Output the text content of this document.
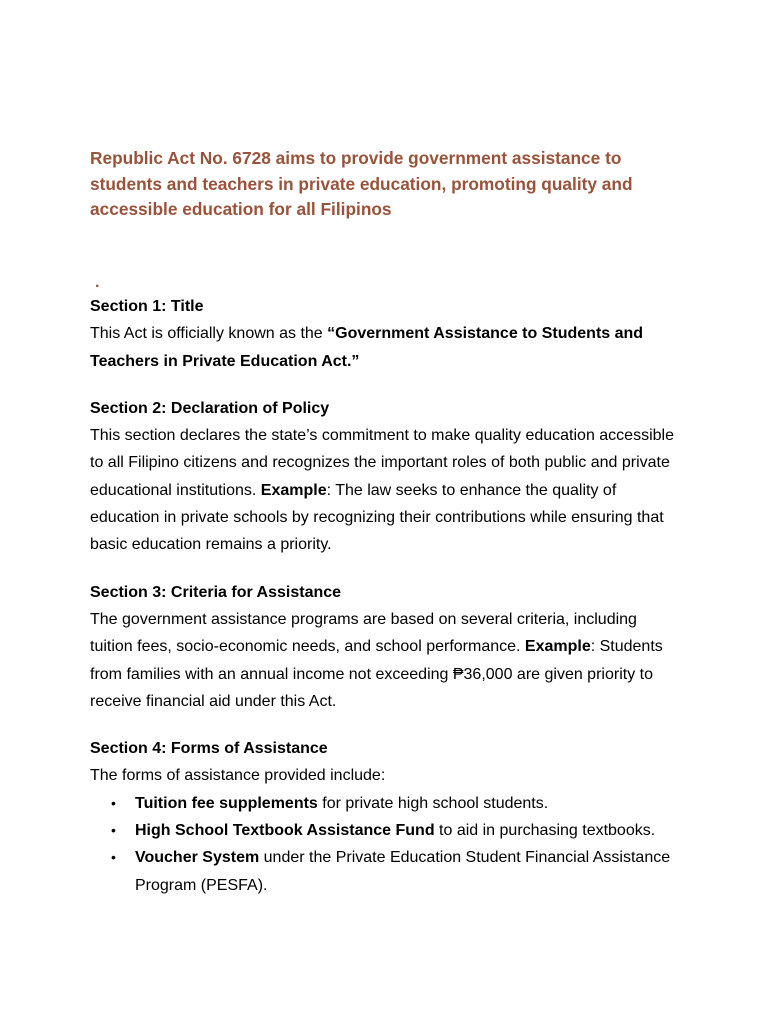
Republic Act No. 6728 aims to provide government assistance to students and teachers in private education, promoting quality and accessible education for all Filipinos

.

Section 1: Title

This Act is officially known as the “Government Assistance to Students and Teachers in Private Education Act.”

Section 2: Declaration of Policy

This section declares the state’s commitment to make quality education accessible to all Filipino citizens and recognizes the important roles of both public and private educational institutions. Example: The law seeks to enhance the quality of education in private schools by recognizing their contributions while ensuring that basic education remains a priority.

Section 3: Criteria for Assistance

The government assistance programs are based on several criteria, including tuition fees, socio-economic needs, and school performance. Example: Students from families with an annual income not exceeding ₱36,000 are given priority to receive financial aid under this Act.

Section 4: Forms of Assistance

The forms of assistance provided include:

• Tuition fee supplements for private high school students.
• High School Textbook Assistance Fund to aid in purchasing textbooks.
• Voucher System under the Private Education Student Financial Assistance Program (PESFA).
